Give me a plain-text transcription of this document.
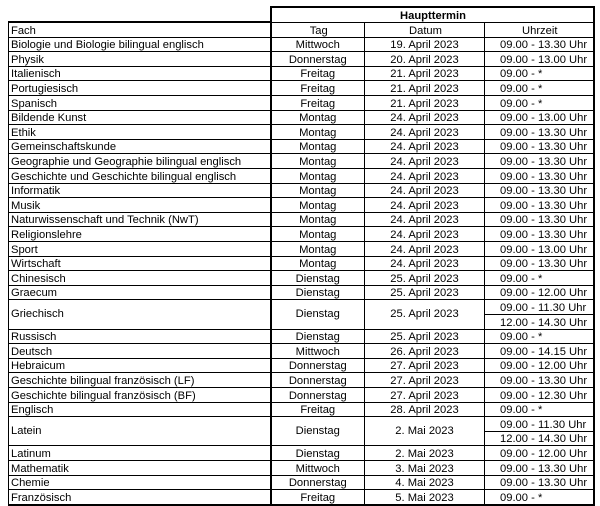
	Haupttermin		
Fach	Tag	Datum	Uhrzeit
Biologie und Biologie bilingual englisch	Mittwoch	19. April 2023	09.00 - 13.30 Uhr
Physik	Donnerstag	20. April 2023	09.00 - 13.00 Uhr
Italienisch	Freitag	21. April 2023	09.00 - *
Portugiesisch	Freitag	21. April 2023	09.00 - *
Spanisch	Freitag	21. April 2023	09.00 - *
Bildende Kunst	Montag	24. April 2023	09.00 - 13.00 Uhr
Ethik	Montag	24. April 2023	09.00 - 13.30 Uhr
Gemeinschaftskunde	Montag	24. April 2023	09.00 - 13.30 Uhr
Geographie und Geographie bilingual englisch	Montag	24. April 2023	09.00 - 13.30 Uhr
Geschichte und Geschichte bilingual englisch	Montag	24. April 2023	09.00 - 13.30 Uhr
Informatik	Montag	24. April 2023	09.00 - 13.30 Uhr
Musik	Montag	24. April 2023	09.00 - 13.30 Uhr
Naturwissenschaft und Technik (NwT)	Montag	24. April 2023	09.00 - 13.30 Uhr
Religionslehre	Montag	24. April 2023	09.00 - 13.30 Uhr
Sport	Montag	24. April 2023	09.00 - 13.00 Uhr
Wirtschaft	Montag	24. April 2023	09.00 - 13.30 Uhr
Chinesisch	Dienstag	25. April 2023	09.00 - *
Graecum	Dienstag	25. April 2023	09.00 - 12.00 Uhr
Griechisch	Dienstag	25. April 2023	09.00 - 11.30 Uhr
			12.00 - 14.30 Uhr
Russisch	Dienstag	25. April 2023	09.00 - *
Deutsch	Mittwoch	26. April 2023	09.00 - 14.15 Uhr
Hebraicum	Donnerstag	27. April 2023	09.00 - 12.00 Uhr
Geschichte bilingual französisch (LF)	Donnerstag	27. April 2023	09.00 - 13.30 Uhr
Geschichte bilingual französisch (BF)	Donnerstag	27. April 2023	09.00 - 12.30 Uhr
Englisch	Freitag	28. April 2023	09.00 - *
Latein	Dienstag	2. Mai 2023	09.00 - 11.30 Uhr
			12.00 - 14.30 Uhr
Latinum	Dienstag	2. Mai 2023	09.00 - 12.00 Uhr
Mathematik	Mittwoch	3. Mai 2023	09.00 - 13.30 Uhr
Chemie	Donnerstag	4. Mai 2023	09.00 - 13.30 Uhr
Französisch	Freitag	5. Mai 2023	09.00 - *
